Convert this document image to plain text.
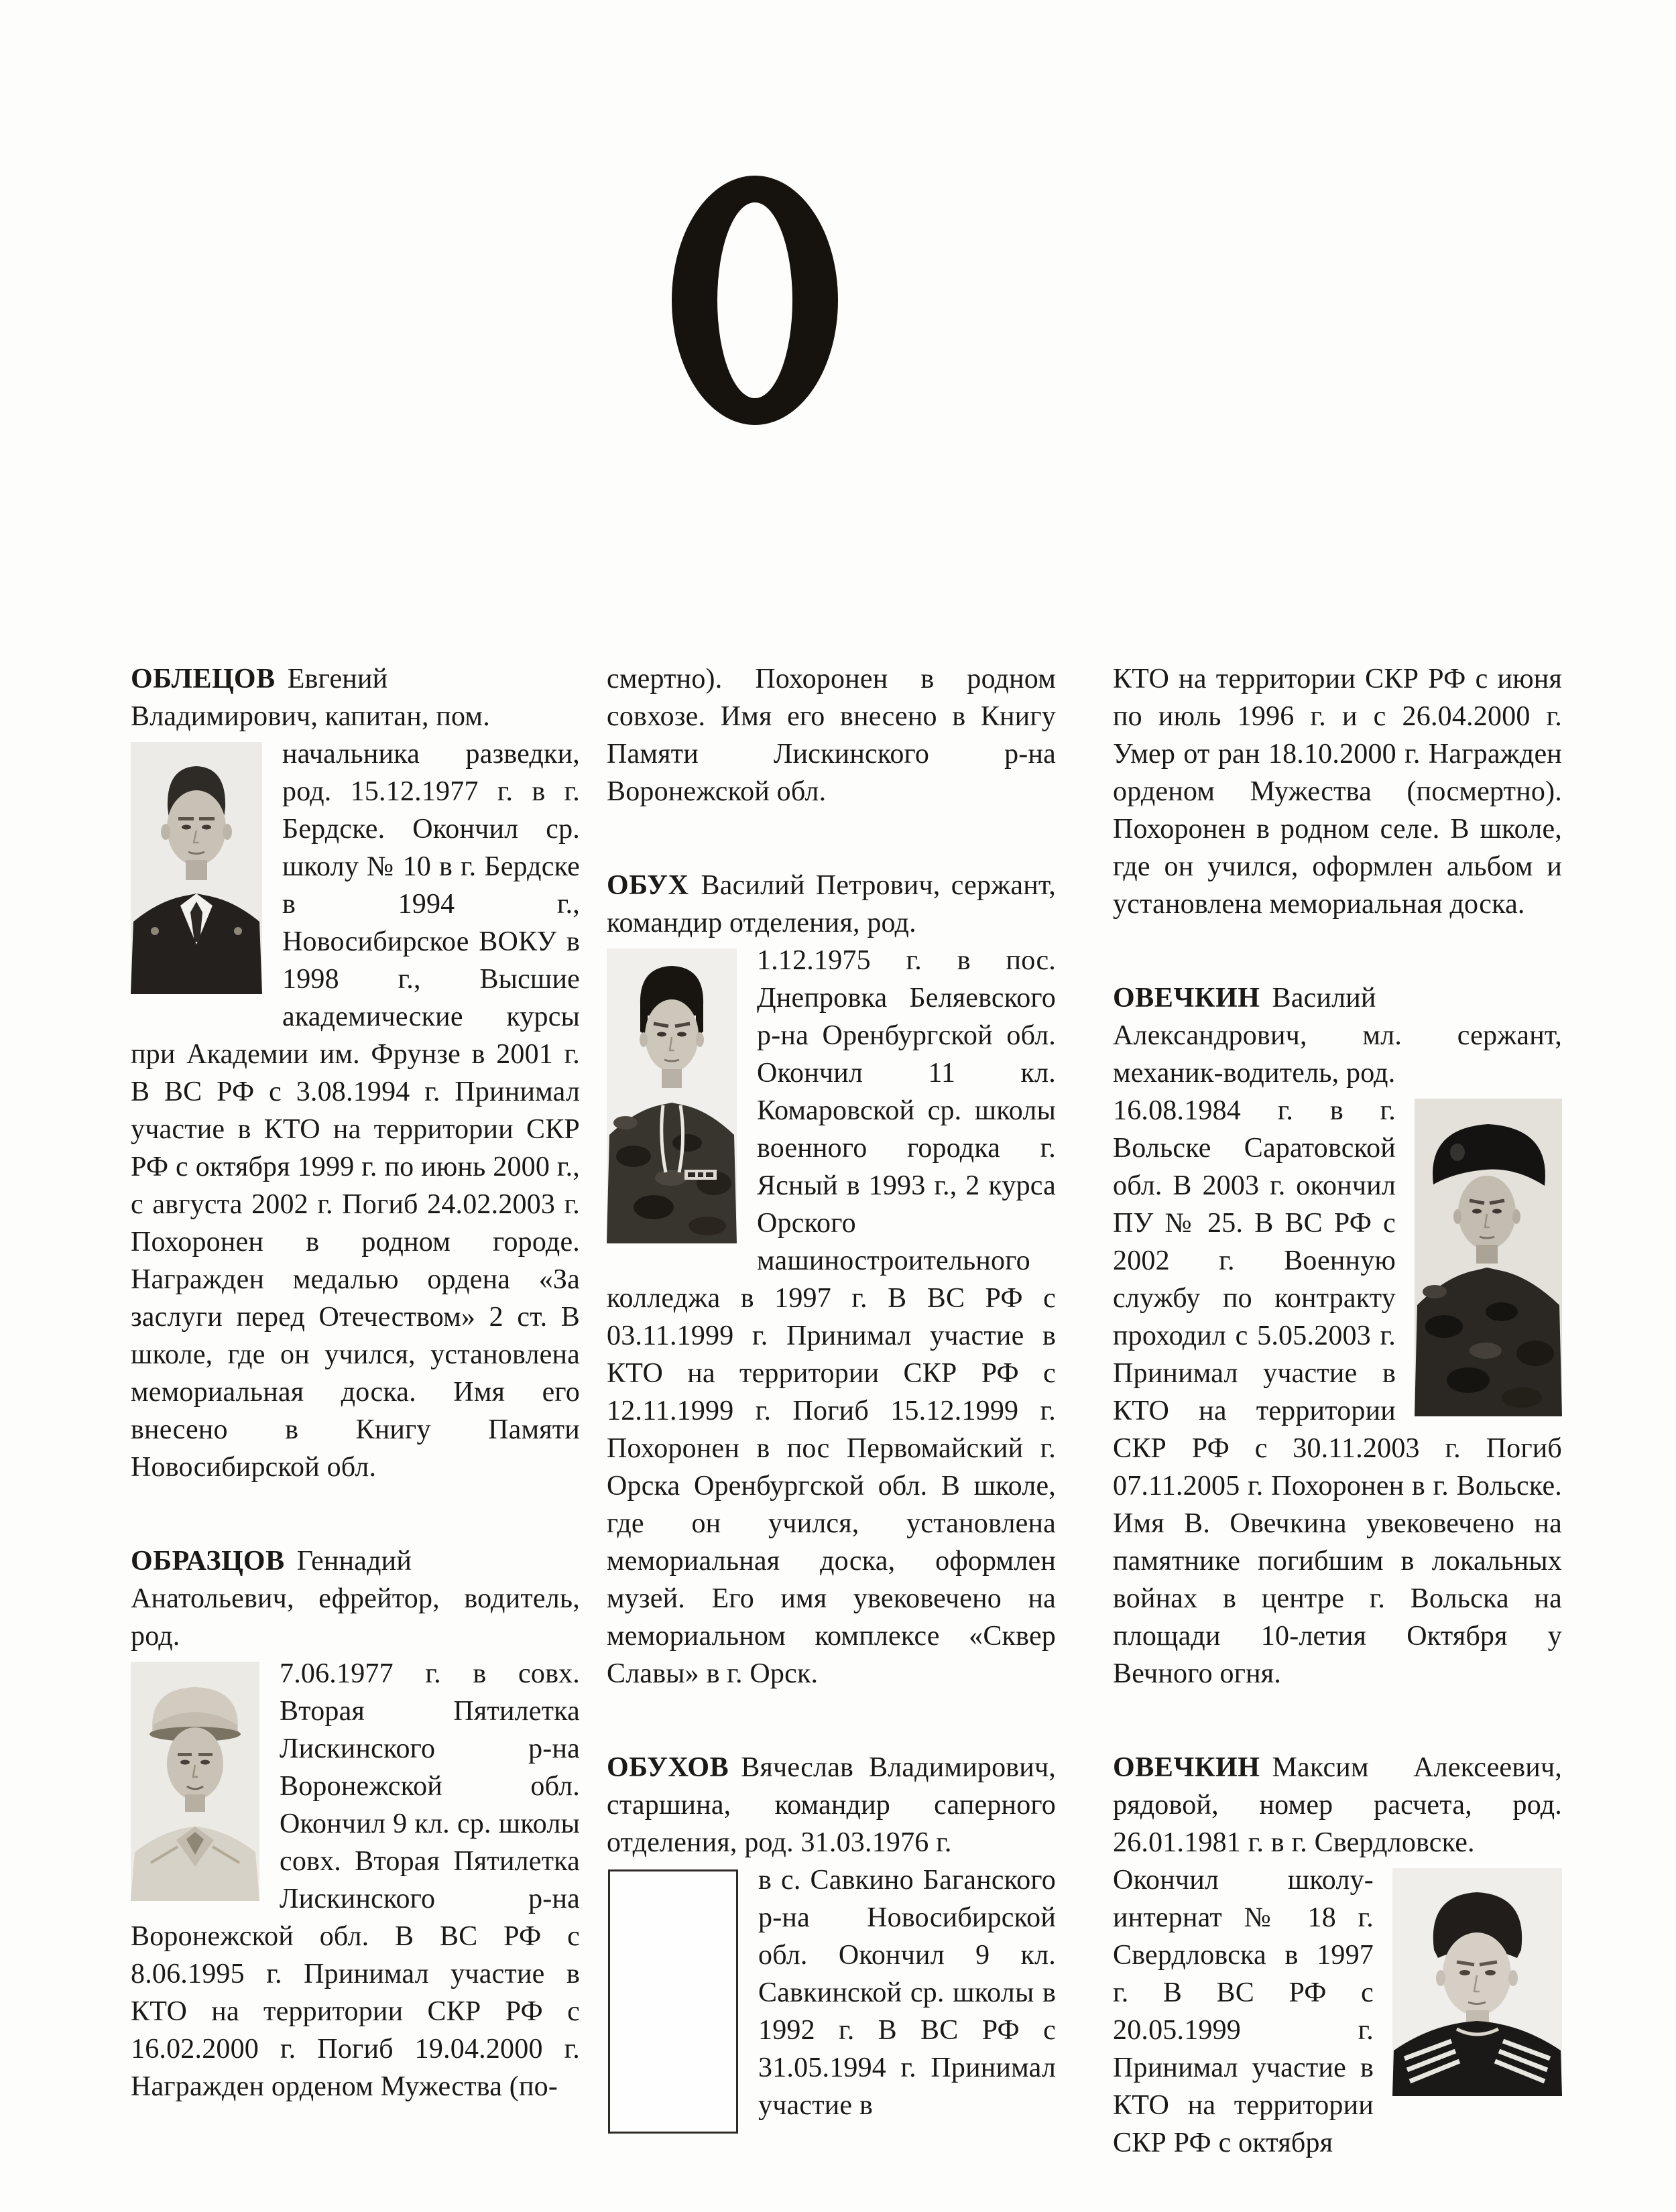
ОБЛЕЦОВ Евгений Владимирович, капитан, пом.

начальника разведки, род. 15.12.1977 г. в г. Бердске. Окончил ср. школу № 10 в г. Бердске в 1994 г., Новосибирское ВОКУ в 1998 г., Высшие академические курсы при Академии им. Фрунзе в 2001 г. В ВС РФ с 3.08.1994 г. Принимал участие в КТО на территории СКР РФ с октября 1999 г. по июнь 2000 г., с августа 2002 г. Погиб 24.02.2003 г. Похоронен в родном городе. Награжден медалью ордена «За заслуги перед Отечеством» 2 ст. В школе, где он учился, установлена мемориальная доска. Имя его внесено в Книгу Памяти Новосибирской обл.

ОБРАЗЦОВ Геннадий Анатольевич, ефрейтор, водитель, род.

7.06.1977 г. в совх. Вторая Пятилетка Лискинского р-на Воронежской обл. Окончил 9 кл. ср. школы совх. Вторая Пятилетка Лискинского р-на Воронежской обл. В ВС РФ с 8.06.1995 г. Принимал участие в КТО на территории СКР РФ с 16.02.2000 г. Погиб 19.04.2000 г. Награжден орденом Мужества (по-

смертно). Похоронен в родном совхозе. Имя его внесено в Книгу Памяти Лискинского р-на Воронежской обл.

ОБУХ Василий Петрович, сержант, командир отделения, род.

1.12.1975 г. в пос. Днепровка Беляевского р-на Оренбургской обл. Окончил 11 кл. Комаровской ср. школы военного городка г. Ясный в 1993 г., 2 курса Орского машиностроительного колледжа в 1997 г. В ВС РФ с 03.11.1999 г. Принимал участие в КТО на территории СКР РФ с 12.11.1999 г. Погиб 15.12.1999 г. Похоронен в пос Первомайский г. Орска Оренбургской обл. В школе, где он учился, установлена мемориальная доска, оформлен музей. Его имя увековечено на мемориальном комплексе «Сквер Славы» в г. Орск.

ОБУХОВ Вячеслав Владимирович, старшина, командир саперного отделения, род. 31.03.1976 г.

в с. Савкино Баганского р-на Новосибирской обл. Окончил 9 кл. Савкинской ср. школы в 1992 г. В ВС РФ с 31.05.1994 г. Принимал участие в

КТО на территории СКР РФ с июня по июль 1996 г. и с 26.04.2000 г. Умер от ран 18.10.2000 г. Награжден орденом Мужества (посмертно). Похоронен в родном селе. В школе, где он учился, оформлен альбом и установлена мемориальная доска.

ОВЕЧКИН Василий Александрович, мл. сержант, механик-водитель, род.

16.08.1984 г. в г. Вольске Саратовской обл. В 2003 г. окончил ПУ № 25. В ВС РФ с 2002 г. Военную службу по контракту проходил с 5.05.2003 г. Принимал участие в КТО на территории СКР РФ с 30.11.2003 г. Погиб 07.11.2005 г. Похоронен в г. Вольске. Имя В. Овечкина увековечено на памятнике погибшим в локальных войнах в центре г. Вольска на площади 10-летия Октября у Вечного огня.

ОВЕЧКИН Максим Алексеевич, рядовой, номер расчета, род. 26.01.1981 г. в г. Свердловске.

Окончил школу-интернат № 18 г. Свердловска в 1997 г. В ВС РФ с 20.05.1999 г. Принимал участие в КТО на территории СКР РФ с октября
